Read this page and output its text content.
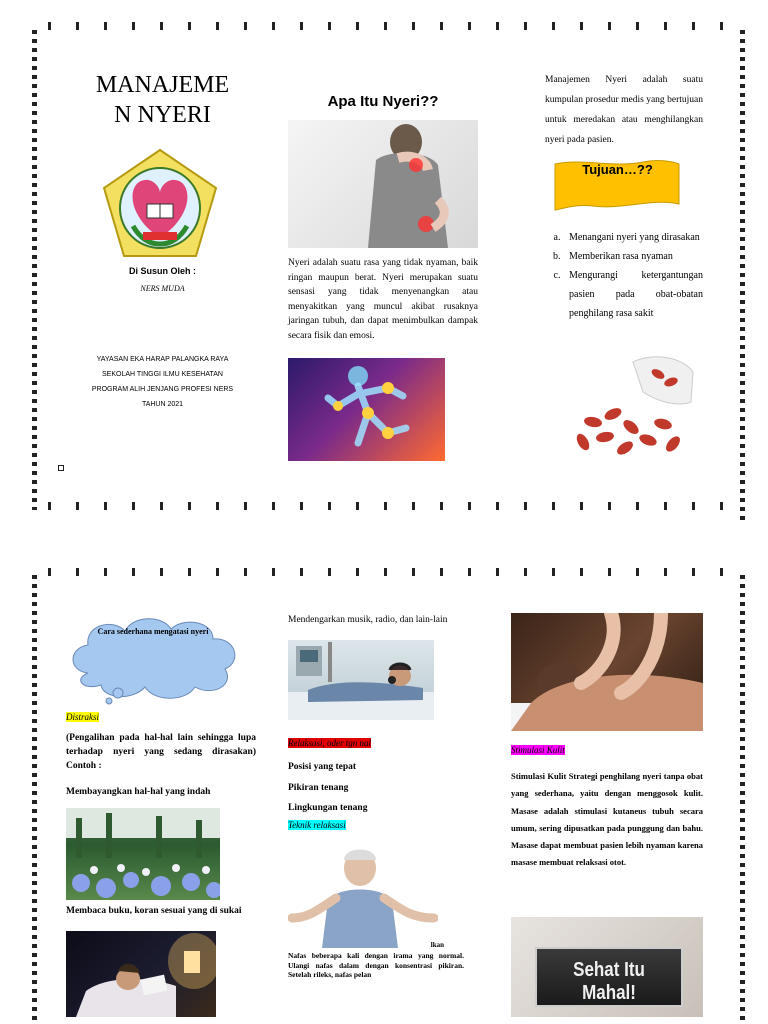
MANAJEME
N NYERI
Di Susun Oleh :
NERS MUDA
YAYASAN EKA HARAP PALANGKA RAYA
SEKOLAH TINGGI ILMU KESEHATAN
PROGRAM ALIH JENJANG PROFESI NERS
TAHUN 2021
Apa Itu Nyeri??
Nyeri adalah suatu rasa yang tidak nyaman, baik ringan maupun berat. Nyeri merupakan suatu sensasi yang tidak menyenangkan atau menyakitkan yang muncul akibat rusaknya jaringan tubuh, dan dapat menimbulkan dampak secara fisik dan emosi.
Manajemen Nyeri adalah suatu kumpulan prosedur medis yang bertujuan untuk meredakan atau menghilangkan nyeri pada pasien.
Tujuan…??
a. Menangani nyeri yang dirasakan
b. Memberikan rasa nyaman
c. Mengurangi ketergantungan pasien pada obat-obatan penghilang rasa sakit
Cara sederhana mengatasi nyeri
Distraksi
(Pengalihan pada hal-hal lain sehingga lupa terhadap nyeri yang sedang dirasakan) Contoh :
Membayangkan hal-hal yang indah
Membaca buku, koran sesuai yang di sukai
Mendengarkan musik, radio, dan lain-lain
Relaksasi, oder tgn nal
Posisi yang tepat
Pikiran tenang
Lingkungan tenang
Teknik relaksasi
lkan
Nafas beberapa kali dengan irama yang normal. Ulangi nafas dalam dengan konsentrasi pikiran. Setelah rileks, nafas pelan
Stimulasi Kulit
Stimulasi Kulit Strategi penghilang nyeri tanpa obat yang sederhana, yaitu dengan menggosok kulit. Masase adalah stimulasi kutaneus tubuh secara umum, sering dipusatkan pada punggung dan bahu. Masase dapat membuat pasien lebih nyaman karena masase membuat relaksasi otot.
Sehat Itu Mahal!
